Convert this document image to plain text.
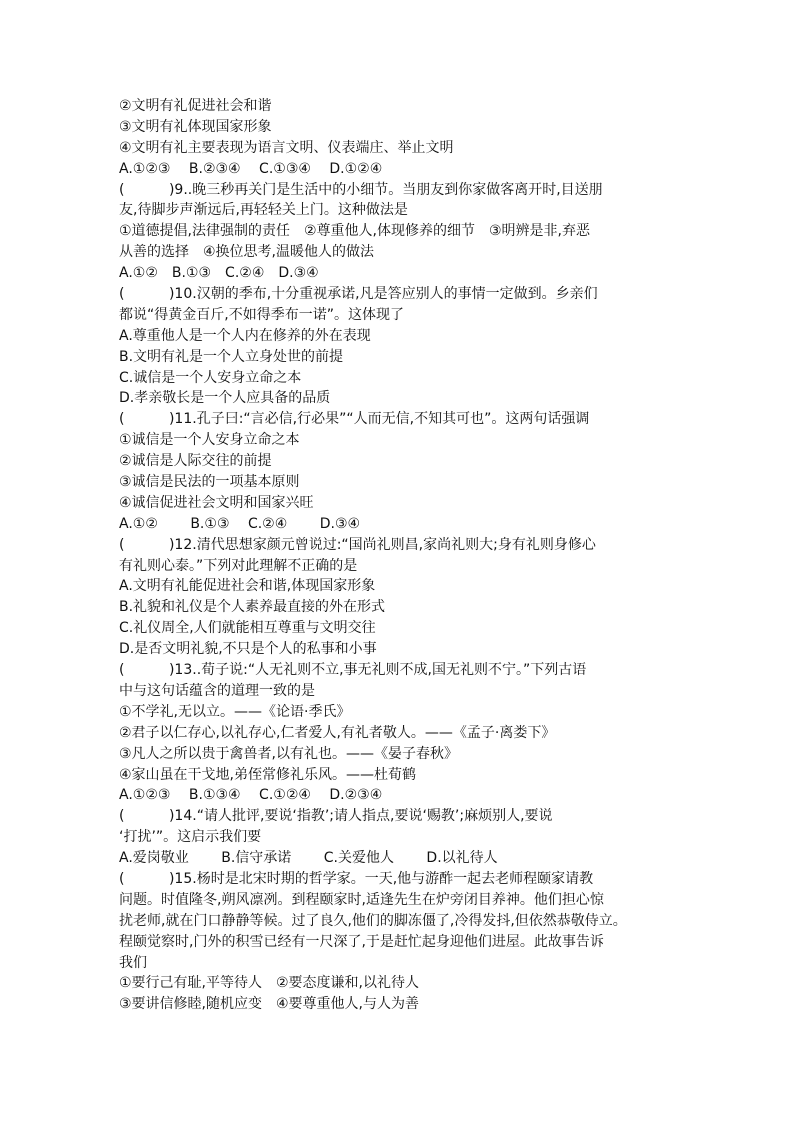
②文明有礼促进社会和谐
③文明有礼体现国家形象
④文明有礼主要表现为语言文明、仪表端庄、举止文明
A.①②③　 B.②③④　 C.①③④　 D.①②④
(          )9..晚三秒再关门是生活中的小细节。当朋友到你家做客离开时,目送朋
友,待脚步声渐远后,再轻轻关上门。这种做法是
①道德提倡,法律强制的责任　②尊重他人,体现修养的细节　③明辨是非,弃恶
从善的选择　④换位思考,温暖他人的做法
A.①②　B.①③　C.②④　D.③④
(          )10.汉朝的季布,十分重视承诺,凡是答应别人的事情一定做到。乡亲们
都说“得黄金百斤,不如得季布一诺”。这体现了
A.尊重他人是一个人内在修养的外在表现
B.文明有礼是一个人立身处世的前提
C.诚信是一个人安身立命之本
D.孝亲敬长是一个人应具备的品质
(          )11.孔子曰:“言必信,行必果”“人而无信,不知其可也”。这两句话强调
①诚信是一个人安身立命之本
②诚信是人际交往的前提
③诚信是民法的一项基本原则
④诚信促进社会文明和国家兴旺
A.①②　　 B.①③　 C.②④　　 D.③④
(          )12.清代思想家颜元曾说过:“国尚礼则昌,家尚礼则大;身有礼则身修心
有礼则心泰。”下列对此理解不正确的是
A.文明有礼能促进社会和谐,体现国家形象
B.礼貌和礼仪是个人素养最直接的外在形式
C.礼仪周全,人们就能相互尊重与文明交往
D.是否文明礼貌,不只是个人的私事和小事
(          )13..荀子说:“人无礼则不立,事无礼则不成,国无礼则不宁。”下列古语
中与这句话蕴含的道理一致的是
①不学礼,无以立。——《论语·季氏》
②君子以仁存心,以礼存心,仁者爱人,有礼者敬人。——《孟子·离娄下》
③凡人之所以贵于禽兽者,以有礼也。——《晏子春秋》
④家山虽在干戈地,弟侄常修礼乐风。——杜荀鹤
A.①②③　 B.①③④　 C.①②④　 D.②③④
(          )14.“请人批评,要说‘指教’;请人指点,要说‘赐教’;麻烦别人,要说
‘打扰’”。这启示我们要
A.爱岗敬业　　 B.信守承诺　　 C.关爱他人　　 D.以礼待人
(          )15.杨时是北宋时期的哲学家。一天,他与游酢一起去老师程颐家请教
问题。时值隆冬,朔风凛冽。到程颐家时,适逢先生在炉旁闭目养神。他们担心惊
扰老师,就在门口静静等候。过了良久,他们的脚冻僵了,冷得发抖,但依然恭敬侍立。
程颐觉察时,门外的积雪已经有一尺深了,于是赶忙起身迎他们进屋。此故事告诉
我们
①要行己有耻,平等待人　②要态度谦和,以礼待人
③要讲信修睦,随机应变　④要尊重他人,与人为善
